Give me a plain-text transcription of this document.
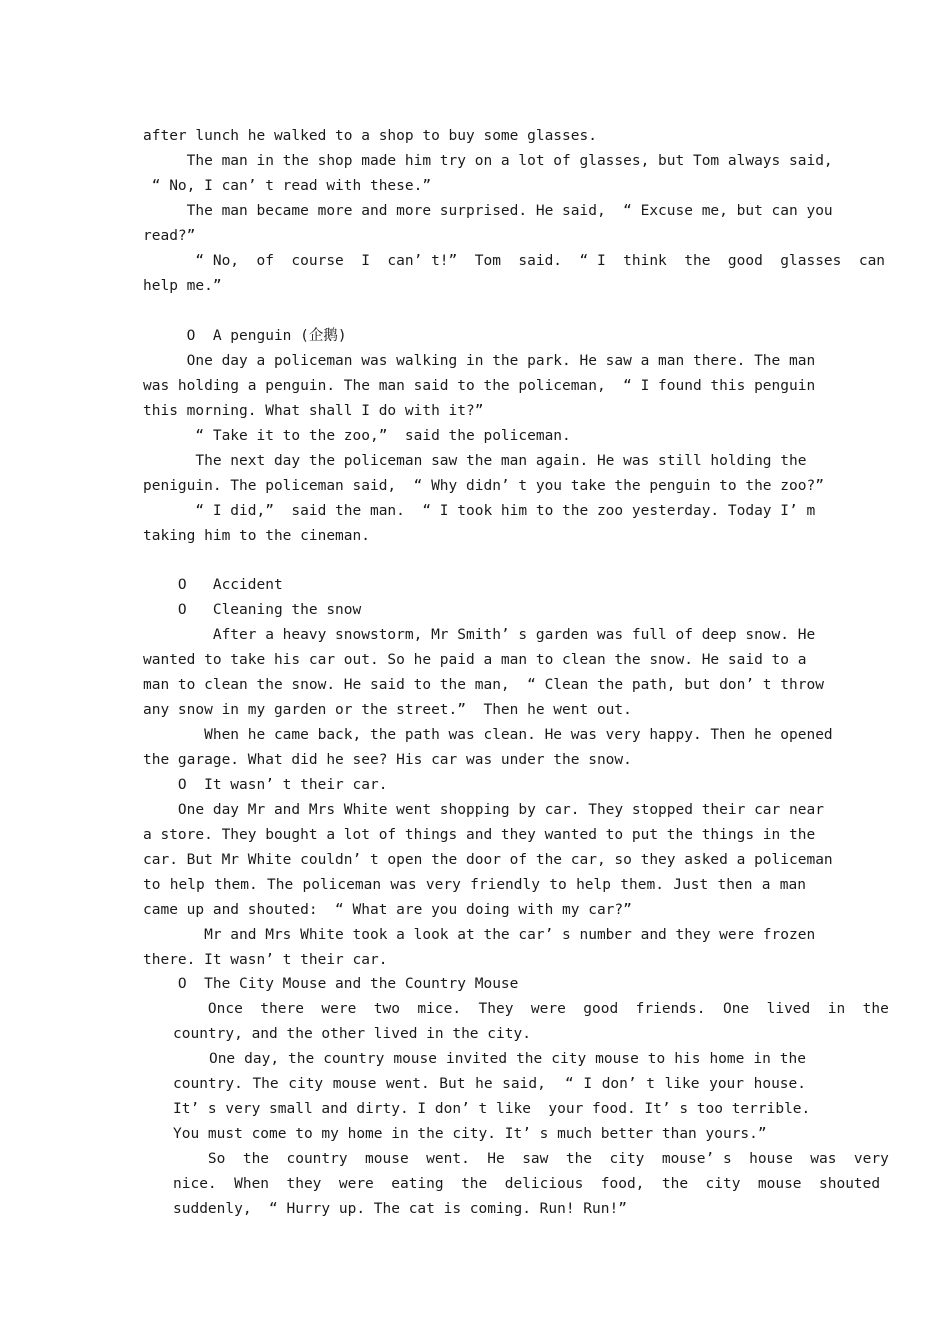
after lunch he walked to a shop to buy some glasses.
The man in the shop made him try on a lot of glasses, but Tom always said,
“ No, I can’ t read with these.”
The man became more and more surprised. He said,  “ Excuse me, but can you
read?”
“ No,  of  course  I  can’ t!”  Tom  said.  “ I  think  the  good  glasses  can
help me.”
O  A penguin (企鹅)
One day a policeman was walking in the park. He saw a man there. The man
was holding a penguin. The man said to the policeman,  “ I found this penguin
this morning. What shall I do with it?”
“ Take it to the zoo,”  said the policeman.
The next day the policeman saw the man again. He was still holding the
peniguin. The policeman said,  “ Why didn’ t you take the penguin to the zoo?”
“ I did,”  said the man.  “ I took him to the zoo yesterday. Today I’ m
taking him to the cineman.
O   Accident
O   Cleaning the snow
After a heavy snowstorm, Mr Smith’ s garden was full of deep snow. He
wanted to take his car out. So he paid a man to clean the snow. He said to a
man to clean the snow. He said to the man,  “ Clean the path, but don’ t throw
any snow in my garden or the street.”  Then he went out.
When he came back, the path was clean. He was very happy. Then he opened
the garage. What did he see? His car was under the snow.
O  It wasn’ t their car.
One day Mr and Mrs White went shopping by car. They stopped their car near
a store. They bought a lot of things and they wanted to put the things in the
car. But Mr White couldn’ t open the door of the car, so they asked a policeman
to help them. The policeman was very friendly to help them. Just then a man
came up and shouted:  “ What are you doing with my car?”
Mr and Mrs White took a look at the car’ s number and they were frozen
there. It wasn’ t their car.
O  The City Mouse and the Country Mouse
Once  there  were  two  mice.  They  were  good  friends.  One  lived  in  the
country, and the other lived in the city.
One day, the country mouse invited the city mouse to his home in the
country. The city mouse went. But he said,  “ I don’ t like your house.
It’ s very small and dirty. I don’ t like  your food. It’ s too terrible.
You must come to my home in the city. It’ s much better than yours.”
So  the  country  mouse  went.  He  saw  the  city  mouse’ s  house  was  very
nice.  When  they  were  eating  the  delicious  food,  the  city  mouse  shouted
suddenly,  “ Hurry up. The cat is coming. Run! Run!”
